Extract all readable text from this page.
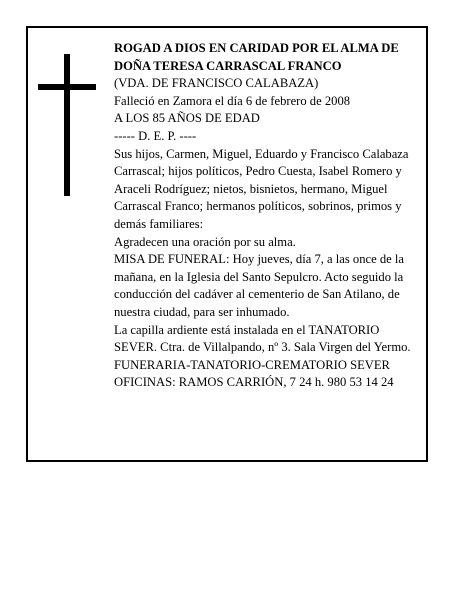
ROGAD A DIOS EN CARIDAD POR EL ALMA DE

DOÑA TERESA CARRASCAL FRANCO

(VDA. DE FRANCISCO CALABAZA)

Falleció en Zamora el día 6 de febrero de 2008

A LOS 85 AÑOS DE EDAD

----- D. E. P. ----

Sus hijos, Carmen, Miguel, Eduardo y Francisco Calabaza Carrascal; hijos políticos, Pedro Cuesta, Isabel Romero y Araceli Rodríguez; nietos, bisnietos, hermano, Miguel Carrascal Franco; hermanos políticos, sobrinos, primos y demás familiares:

Agradecen una oración por su alma.

MISA DE FUNERAL: Hoy jueves, día 7, a las once de la mañana, en la Iglesia del Santo Sepulcro. Acto seguido la conducción del cadáver al cementerio de San Atilano, de nuestra ciudad, para ser inhumado.

La capilla ardiente está instalada en el TANATORIO SEVER. Ctra. de Villalpando, nº 3. Sala Virgen del Yermo.

FUNERARIA-TANATORIO-CREMATORIO SEVER

OFICINAS: RAMOS CARRIÓN, 7 24 h. 980 53 14 24
